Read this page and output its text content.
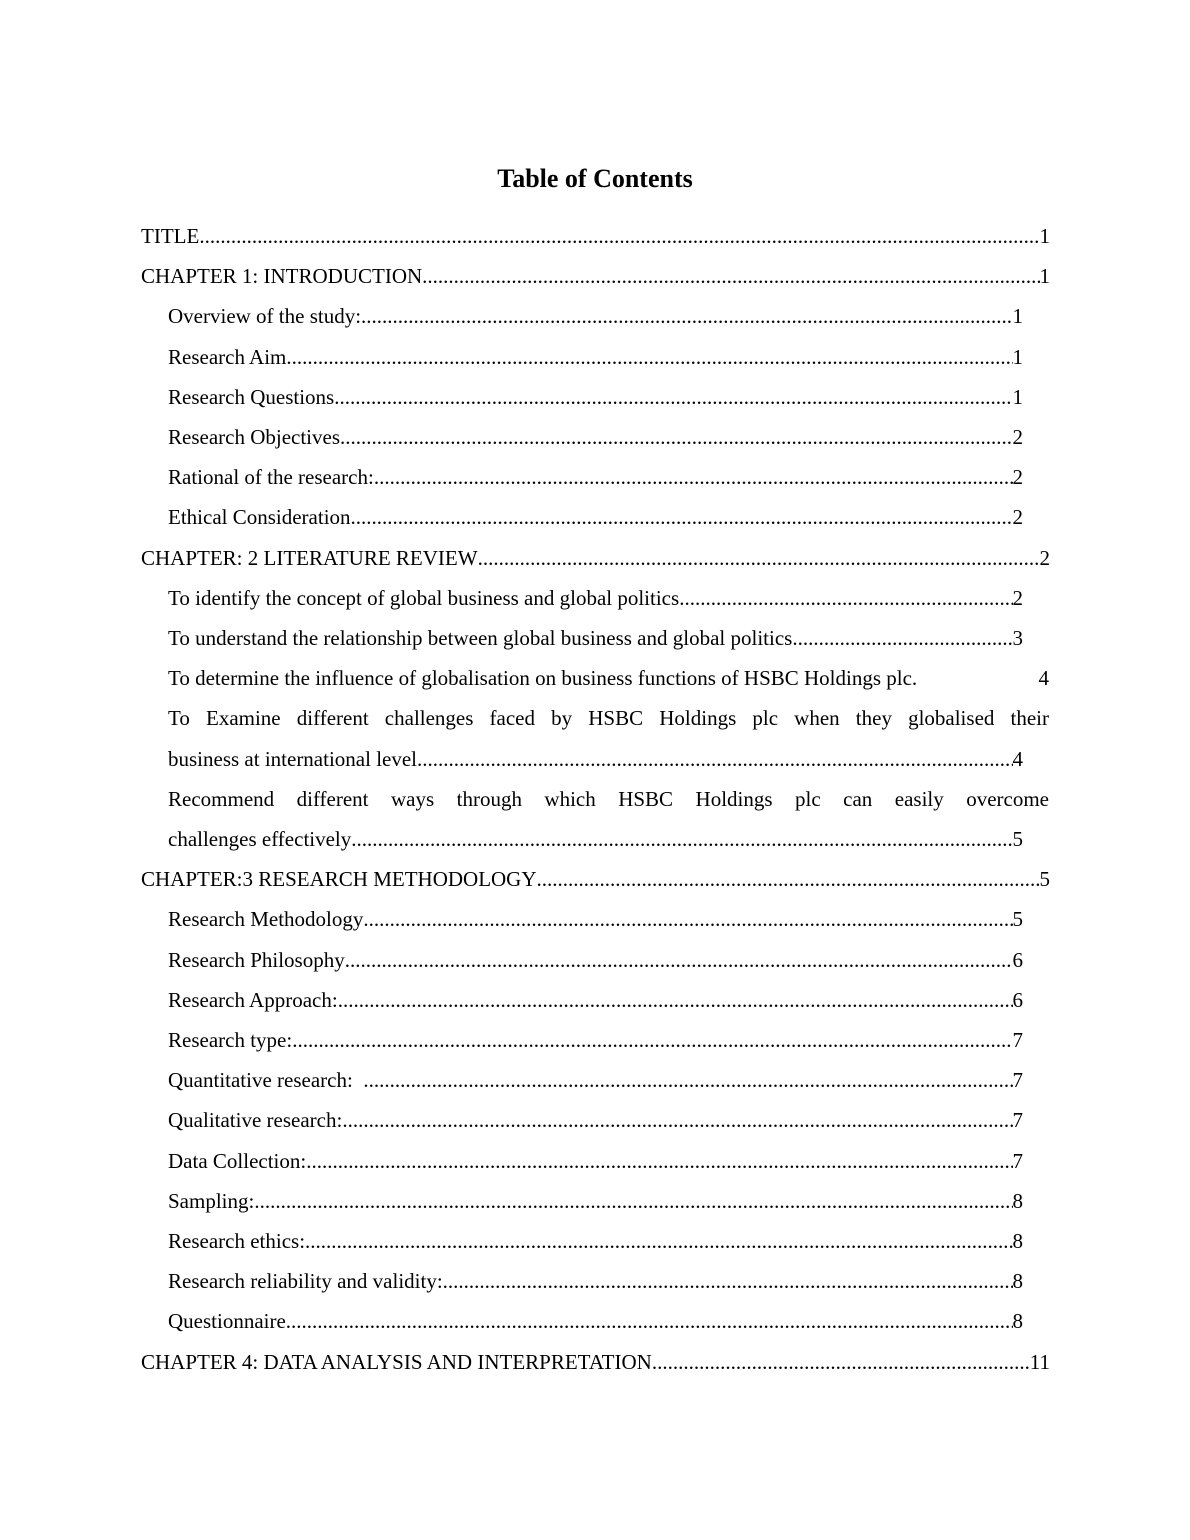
Table of Contents
TITLE .....	1
CHAPTER 1: INTRODUCTION .....	1
Overview of the study: .....	1
Research Aim .....	1
Research Questions .....	1
Research Objectives .....	2
Rational of the research: .....	2
Ethical Consideration .....	2
CHAPTER: 2 LITERATURE REVIEW .....	2
To identify the concept of global business and global politics .....	2
To understand the relationship between global business and global politics .....	3
To determine the influence of globalisation on business functions of HSBC Holdings plc.	4
To Examine different challenges faced by HSBC Holdings plc when they globalised their
business at international level .....	4
Recommend different ways through which HSBC Holdings plc can easily overcome
challenges effectively .....	5
CHAPTER:3 RESEARCH METHODOLOGY .....	5
Research Methodology .....	5
Research Philosophy .....	6
Research Approach: .....	6
Research type: .....	7
Quantitative research: .....	7
Qualitative research: .....	7
Data Collection: .....	7
Sampling: .....	8
Research ethics: .....	8
Research reliability and validity: .....	8
Questionnaire .....	8
CHAPTER 4: DATA ANALYSIS AND INTERPRETATION .....	11
